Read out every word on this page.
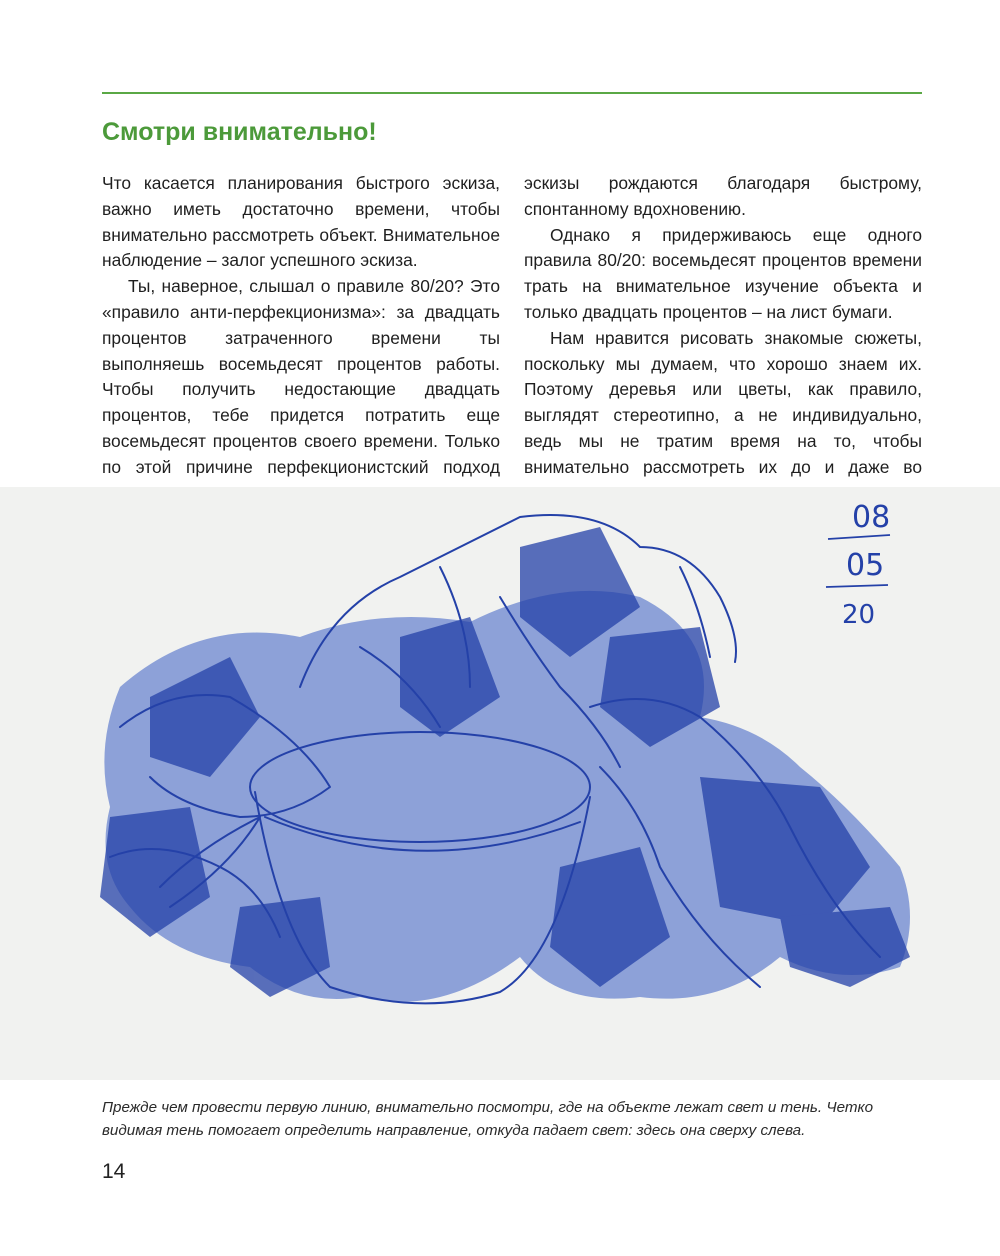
Смотри внимательно!

Что касается планирования быстрого эскиза, важно иметь достаточно времени, чтобы внимательно рассмотреть объект. Внимательное наблюдение – залог успешного эскиза.

Ты, наверное, слышал о правиле 80/20? Это «правило анти-перфекционизма»: за двадцать процентов затраченного времени ты выполняешь восемьдесят процентов работы. Чтобы получить недостающие двадцать процентов, тебе придется потратить еще восемьдесят процентов своего времени. Только по этой причине перфекционистский подход

эскизы рождаются благодаря быстрому, спонтанному вдохновению.

Однако я придерживаюсь еще одного правила 80/20: восемьдесят процентов времени трать на внимательное изучение объекта и только двадцать процентов – на лист бумаги.

Нам нравится рисовать знакомые сюжеты, поскольку мы думаем, что хорошо знаем их. Поэтому деревья или цветы, как правило, выглядят стереотипно, а не индивидуально, ведь мы не тратим время на то, чтобы внимательно рассмотреть их до и даже во

08
05
20

Прежде чем провести первую линию, внимательно посмотри, где на объекте лежат свет и тень. Четко видимая тень помогает определить направление, откуда падает свет: здесь она сверху слева.

14
